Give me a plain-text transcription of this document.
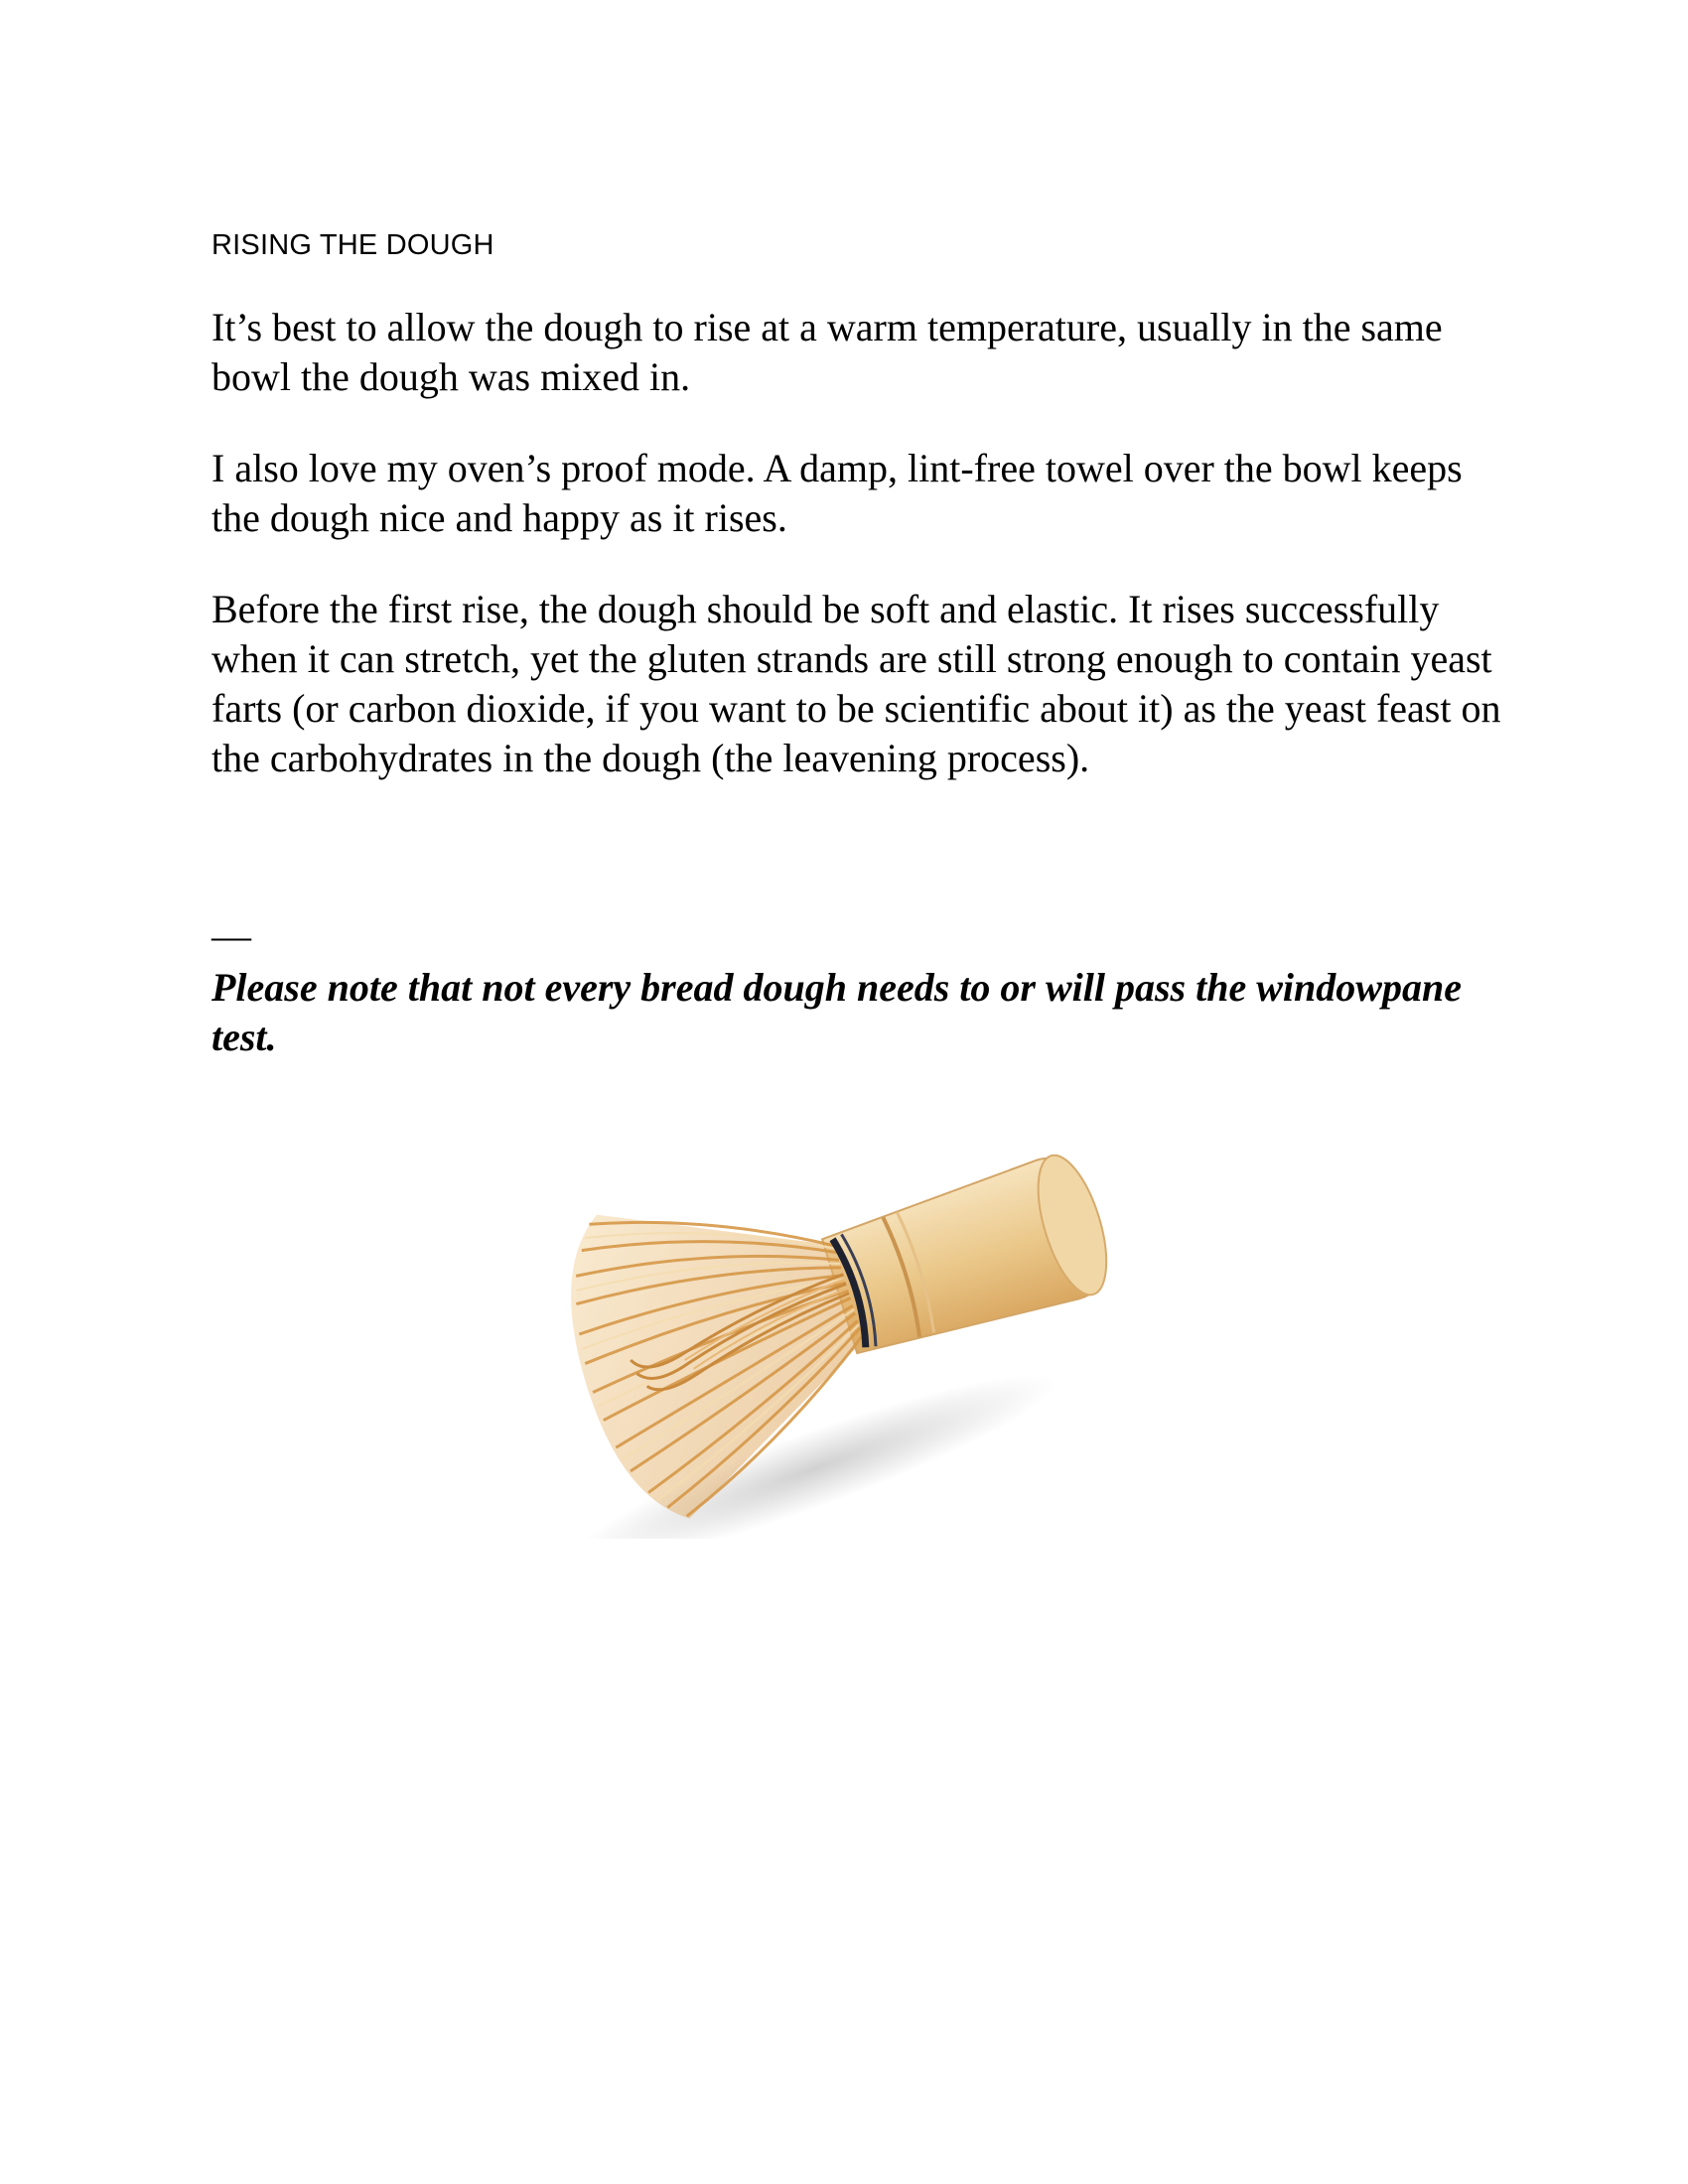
RISING THE DOUGH

It’s best to allow the dough to rise at a warm temperature, usually in the same bowl the dough was mixed in.

I also love my oven’s proof mode. A damp, lint-free towel over the bowl keeps the dough nice and happy as it rises.

Before the first rise, the dough should be soft and elastic. It rises successfully when it can stretch, yet the gluten strands are still strong enough to contain yeast farts (or carbon dioxide, if you want to be scientific about it) as the yeast feast on the carbohydrates in the dough (the leavening process).

—

Please note that not every bread dough needs to or will pass the windowpane test.
